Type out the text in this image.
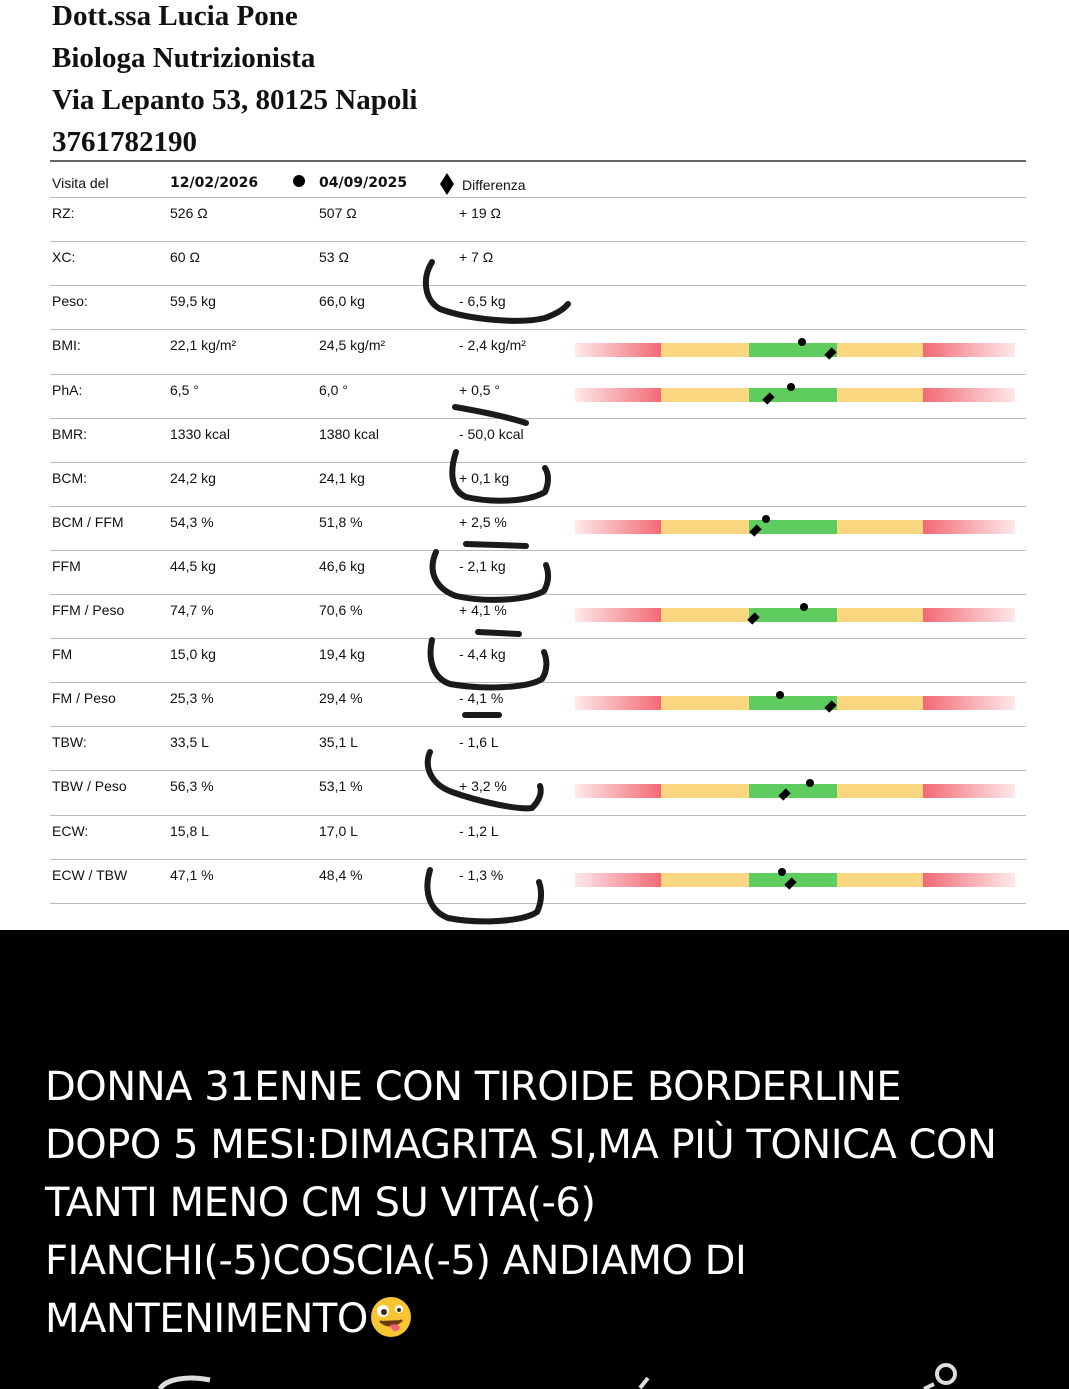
Dott.ssa Lucia Pone
Biologa Nutrizionista
Via Lepanto 53, 80125 Napoli
3761782190
Visita del	12/02/2026	04/09/2025	Differenza
RZ:	526 Ω	507 Ω	+ 19 Ω
XC:	60 Ω	53 Ω	+ 7 Ω
Peso:	59,5 kg	66,0 kg	- 6,5 kg
BMI:	22,1 kg/m²	24,5 kg/m²	- 2,4 kg/m²
PhA:	6,5 °	6,0 °	+ 0,5 °
BMR:	1330 kcal	1380 kcal	- 50,0 kcal
BCM:	24,2 kg	24,1 kg	+ 0,1 kg
BCM / FFM	54,3 %	51,8 %	+ 2,5 %
FFM	44,5 kg	46,6 kg	- 2,1 kg
FFM / Peso	74,7 %	70,6 %	+ 4,1 %
FM	15,0 kg	19,4 kg	- 4,4 kg
FM / Peso	25,3 %	29,4 %	- 4,1 %
TBW:	33,5 L	35,1 L	- 1,6 L
TBW / Peso	56,3 %	53,1 %	+ 3,2 %
ECW:	15,8 L	17,0 L	- 1,2 L
ECW / TBW	47,1 %	48,4 %	- 1,3 %

DONNA 31ENNE CON TIROIDE BORDERLINE

DOPO 5 MESI:DIMAGRITA SI,MA PIÙ TONICA CON

TANTI MENO CM SU VITA(-6)

FIANCHI(-5)COSCIA(-5) ANDIAMO DI

MANTENIMENTO
